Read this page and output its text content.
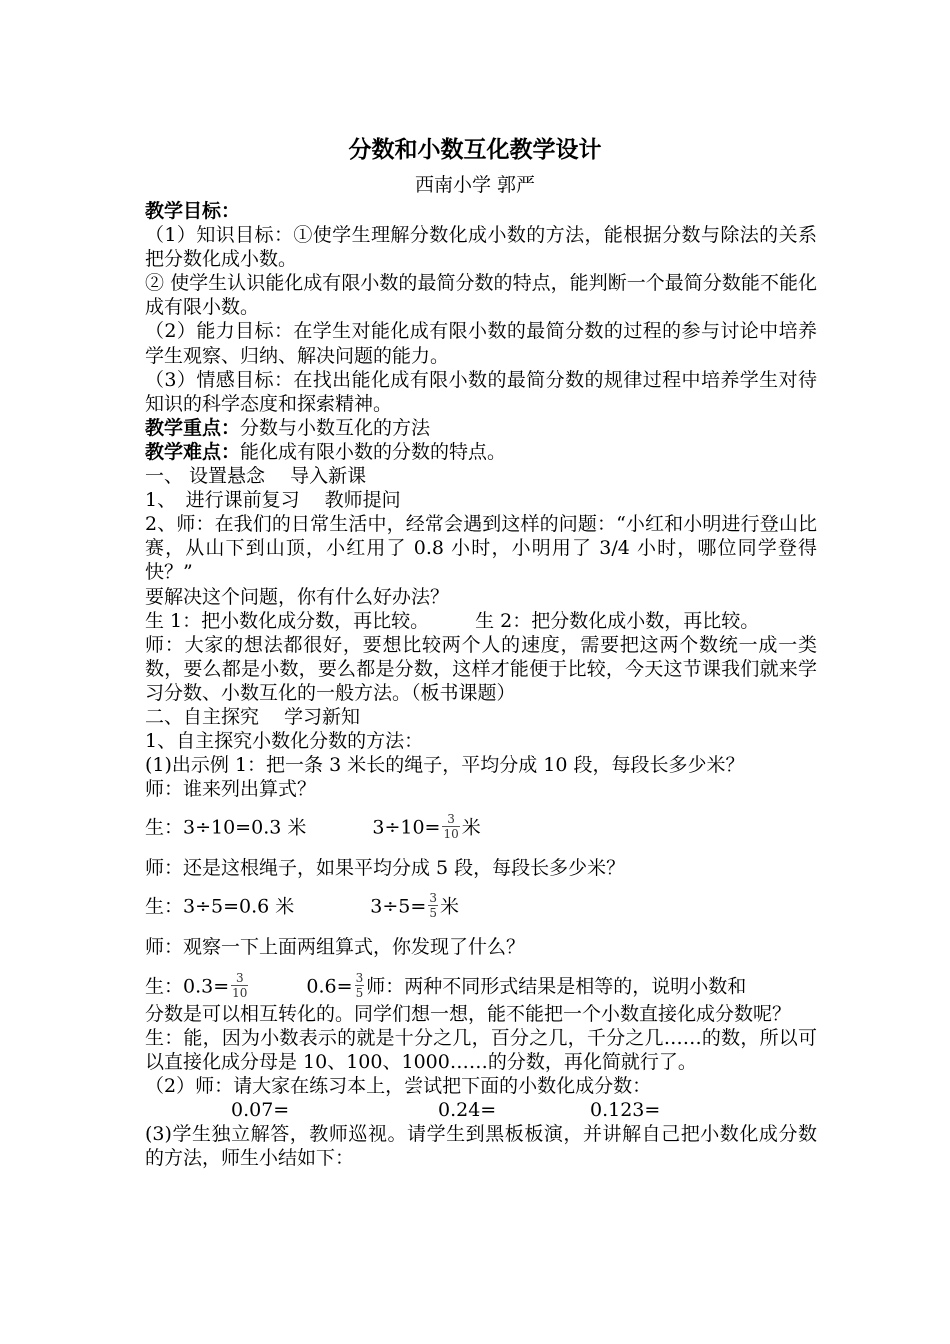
分数和小数互化教学设计
西南小学 郭严

教学目标：

（1）知识目标：①使学生理解分数化成小数的方法，能根据分数与除法的关系把分数化成小数。

② 使学生认识能化成有限小数的最简分数的特点，能判断一个最简分数能不能化成有限小数。

（2）能力目标：在学生对能化成有限小数的最简分数的过程的参与讨论中培养学生观察、归纳、解决问题的能力。

（3）情感目标：在找出能化成有限小数的最简分数的规律过程中培养学生对待知识的科学态度和探索精神。

教学重点：分数与小数互化的方法

教学难点：能化成有限小数的分数的特点。

一、 设置悬念　 导入新课

1、　进行课前复习　 教师提问

2、师：在我们的日常生活中，经常会遇到这样的问题：“小红和小明进行登山比赛，从山下到山顶，小红用了 0.8 小时，小明用了 3/4 小时，哪位同学登得快？”

要解决这个问题，你有什么好办法？

生 1：把小数化成分数，再比较。 生 2：把分数化成小数，再比较。

师：大家的想法都很好，要想比较两个人的速度，需要把这两个数统一成一类数，要么都是小数，要么都是分数，这样才能便于比较，今天这节课我们就来学习分数、小数互化的一般方法。（板书课题）

二、自主探究　 学习新知

1、自主探究小数化分数的方法：

(1)出示例 1：把一条 3 米长的绳子，平均分成 10 段，每段长多少米？

师：谁来列出算式？

生：3÷10=0.3 米	$3\div 10= \frac{3}{10}$ 米

师：还是这根绳子，如果平均分成 5 段，每段长多少米？

生：3÷5=0.6 米	$3\div 5= \frac{3}{5}$ 米

师：观察一下上面两组算式，你发现了什么？

生：$0.3= \frac{3}{10}$	$0.6= \frac{3}{5}$ 师：两种不同形式结果是相等的，说明小数和

分数是可以相互转化的。同学们想一想，能不能把一个小数直接化成分数呢？

生：能，因为小数表示的就是十分之几，百分之几，千分之几……的数，所以可以直接化成分母是 10、100、1000……的分数，再化简就行了。

（2）师：请大家在练习本上，尝试把下面的小数化成分数：

0.07=	0.24=	0.123=

(3)学生独立解答，教师巡视。请学生到黑板板演，并讲解自己把小数化成分数的方法，师生小结如下：
